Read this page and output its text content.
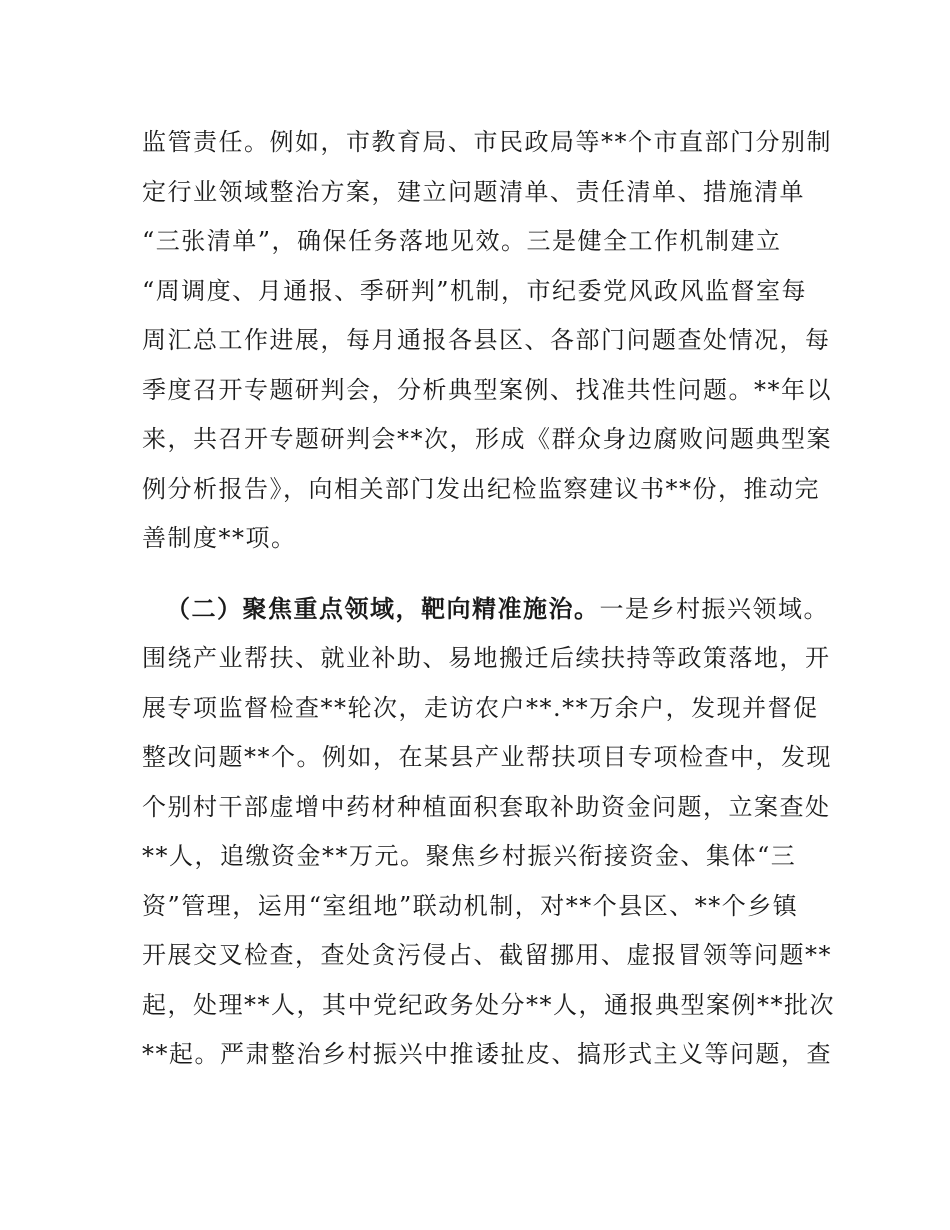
监管责任。例如，市教育局、市民政局等**个市直部门分别制
定行业领域整治方案，建立问题清单、责任清单、措施清单
“三张清单”，确保任务落地见效。三是健全工作机制建立
“周调度、月通报、季研判”机制，市纪委党风政风监督室每
周汇总工作进展，每月通报各县区、各部门问题查处情况，每
季度召开专题研判会，分析典型案例、找准共性问题。**年以
来，共召开专题研判会**次，形成《群众身边腐败问题典型案
例分析报告》，向相关部门发出纪检监察建议书**份，推动完
善制度**项。
（二）聚焦重点领域，靶向精准施治。一是乡村振兴领域。
围绕产业帮扶、就业补助、易地搬迁后续扶持等政策落地，开
展专项监督检查**轮次，走访农户**.**万余户，发现并督促
整改问题**个。例如，在某县产业帮扶项目专项检查中，发现
个别村干部虚增中药材种植面积套取补助资金问题，立案查处
**人，追缴资金**万元。聚焦乡村振兴衔接资金、集体“三
资”管理，运用“室组地”联动机制，对**个县区、**个乡镇
开展交叉检查，查处贪污侵占、截留挪用、虚报冒领等问题**
起，处理**人，其中党纪政务处分**人，通报典型案例**批次
**起。严肃整治乡村振兴中推诿扯皮、搞形式主义等问题，查
